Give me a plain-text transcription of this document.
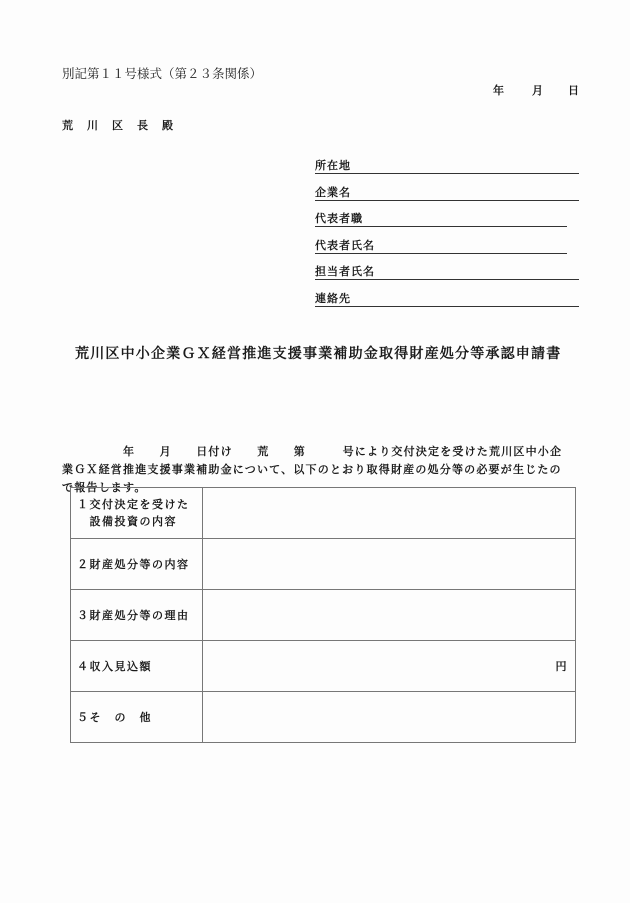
別記第１１号様式（第２３条関係）
年	月 日
荒 川 区 長 殿
所在地
企業名
代表者職
代表者氏名
担当者氏名
連絡先
荒川区中小企業ＧＸ経営推進支援事業補助金取得財産処分等承認申請書
　　　　　年　　月　　日付け　　荒　　第　　　号により交付決定を受けた荒川区中小企
業ＧＸ経営推進支援事業補助金について、以下のとおり取得財産の処分等の必要が生じたの
で報告します。
１交付決定を受けた
　設備投資の内容	

２財産処分等の内容	

３財産処分等の理由	

４収入見込額	円

５そ　の　他	
